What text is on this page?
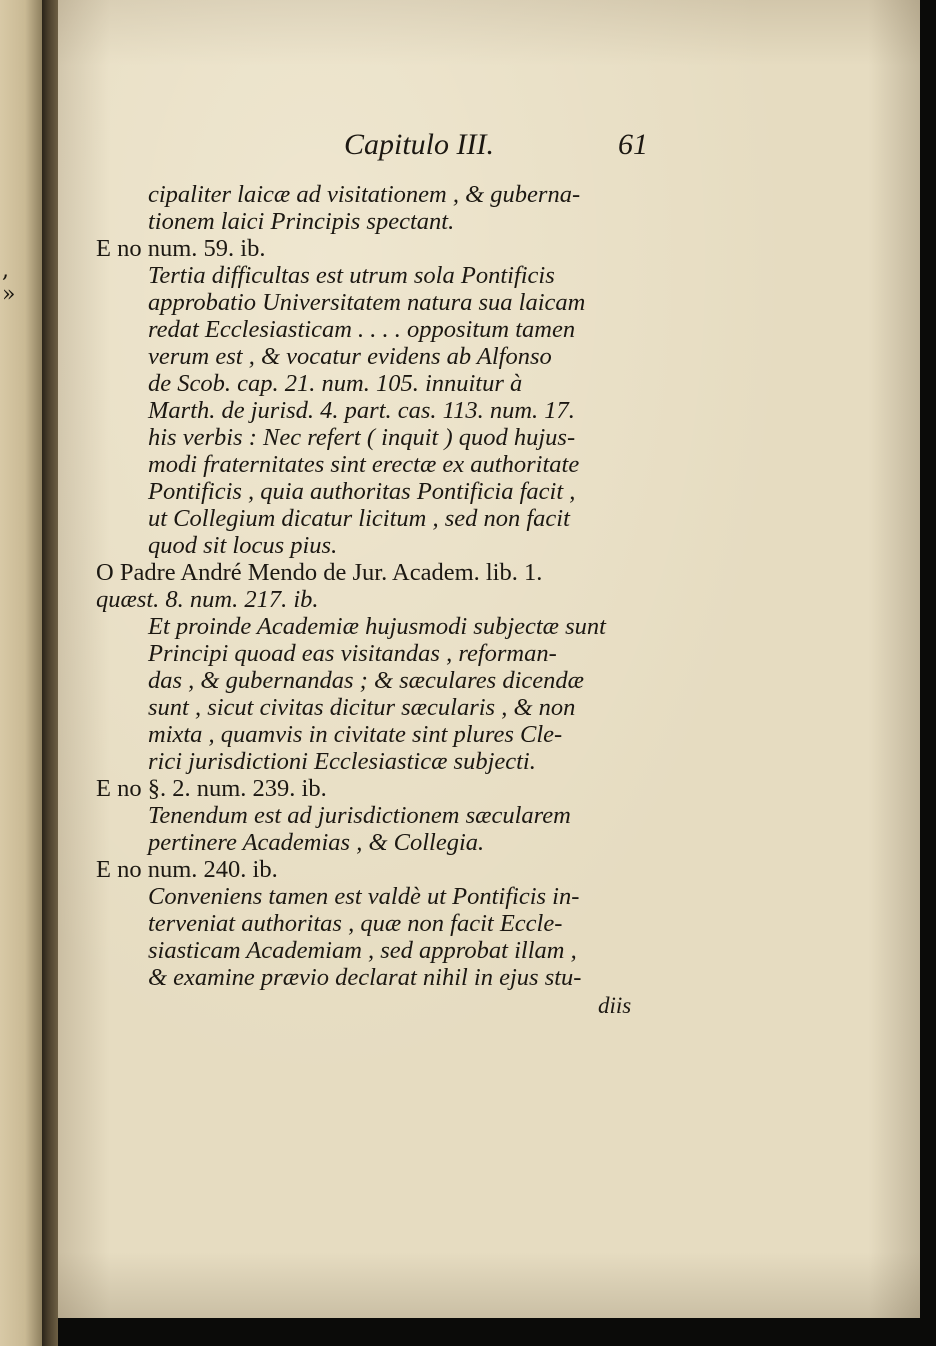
,
»
Capitulo III.	61
cipaliter laicæ ad visitationem , & guberna-
tionem laici Principis spectant.
E no num. 59. ib.
Tertia difficultas est utrum sola Pontificis
approbatio Universitatem natura sua laicam
redat Ecclesiasticam . . . . oppositum tamen
verum est , & vocatur evidens ab Alfonso
de Scob. cap. 21. num. 105. innuitur à
Marth. de jurisd. 4. part. cas. 113. num. 17.
his verbis : Nec refert ( inquit ) quod hujus-
modi fraternitates sint erectæ ex authoritate
Pontificis , quia authoritas Pontificia facit ,
ut Collegium dicatur licitum , sed non facit
quod sit locus pius.
O Padre André Mendo de Jur. Academ. lib. 1.
quæst. 8. num. 217. ib.
Et proinde Academiæ hujusmodi subjectæ sunt
Principi quoad eas visitandas , reforman-
das , & gubernandas ; & sæculares dicendæ
sunt , sicut civitas dicitur sæcularis , & non
mixta , quamvis in civitate sint plures Cle-
rici jurisdictioni Ecclesiasticæ subjecti.
E no §. 2. num. 239. ib.
Tenendum est ad jurisdictionem sæcularem
pertinere Academias , & Collegia.
E no num. 240. ib.
Conveniens tamen est valdè ut Pontificis in-
terveniat authoritas , quæ non facit Eccle-
siasticam Academiam , sed approbat illam ,
& examine prævio declarat nihil in ejus stu-
diis
